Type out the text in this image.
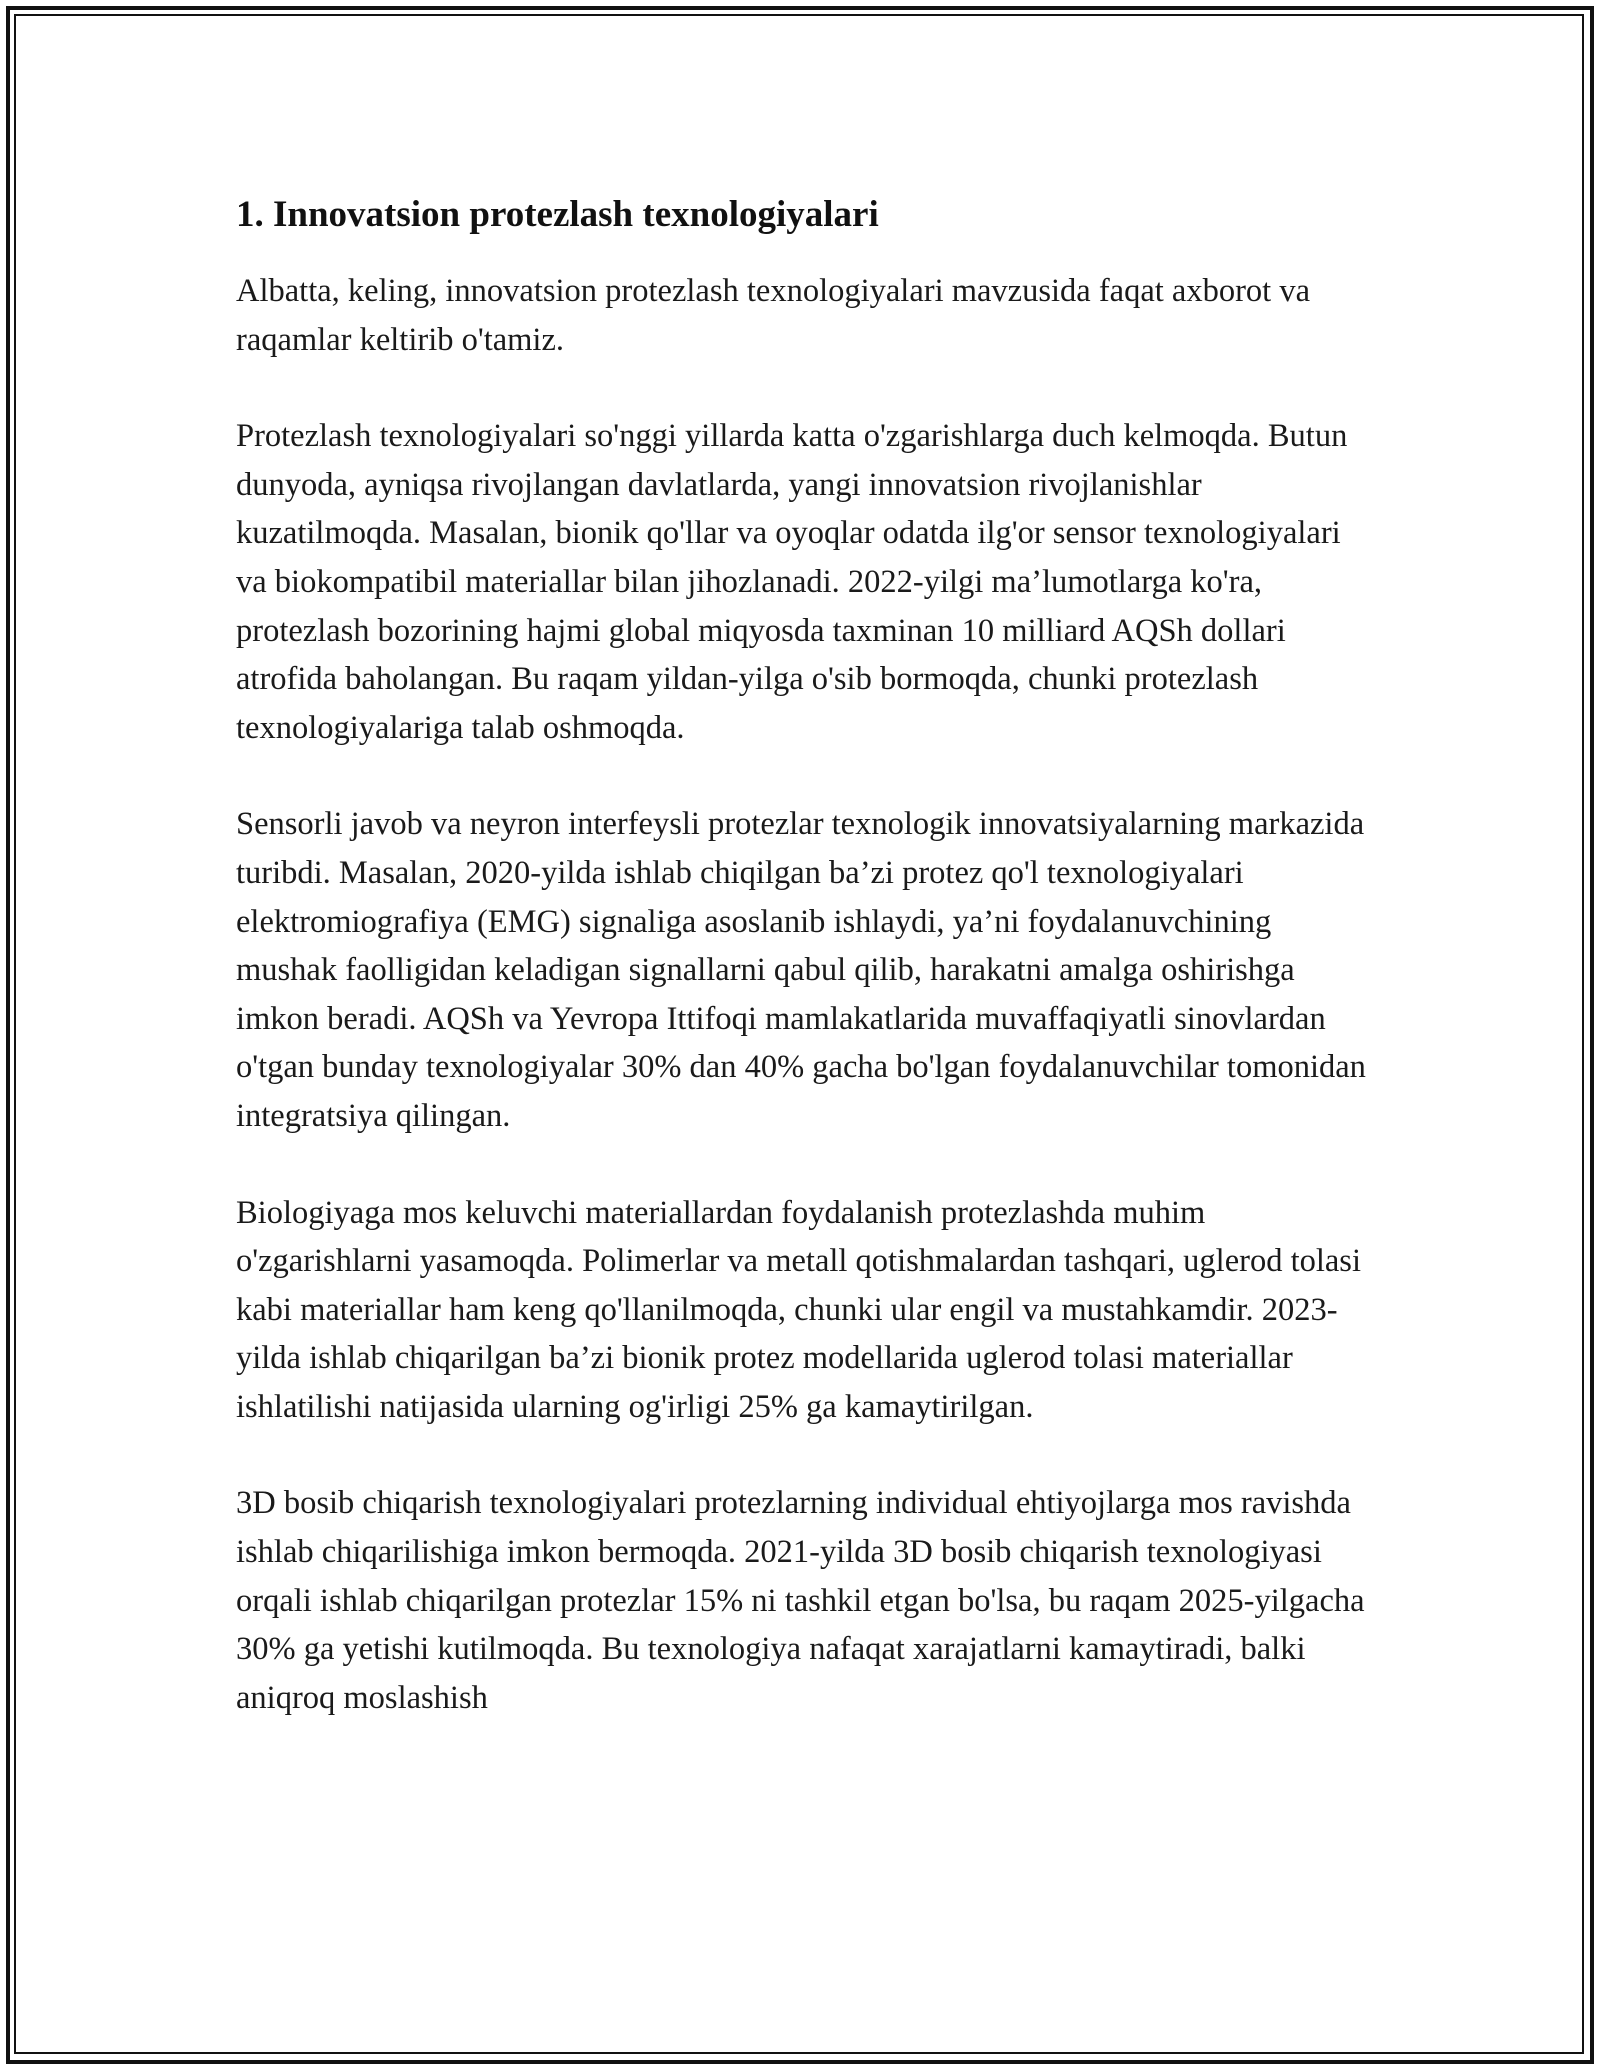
1. Innovatsion protezlash texnologiyalari

Albatta, keling, innovatsion protezlash texnologiyalari mavzusida faqat axborot va raqamlar keltirib o'tamiz.

Protezlash texnologiyalari so'nggi yillarda katta o'zgarishlarga duch kelmoqda. Butun dunyoda, ayniqsa rivojlangan davlatlarda, yangi innovatsion rivojlanishlar kuzatilmoqda. Masalan, bionik qo'llar va oyoqlar odatda ilg'or sensor texnologiyalari va biokompatibil materiallar bilan jihozlanadi. 2022-yilgi ma’lumotlarga ko'ra, protezlash bozorining hajmi global miqyosda taxminan 10 milliard AQSh dollari atrofida baholangan. Bu raqam yildan-yilga o'sib bormoqda, chunki protezlash texnologiyalariga talab oshmoqda.

Sensorli javob va neyron interfeysli protezlar texnologik innovatsiyalarning markazida turibdi. Masalan, 2020-yilda ishlab chiqilgan ba’zi protez qo'l texnologiyalari elektromiografiya (EMG) signaliga asoslanib ishlaydi, ya’ni foydalanuvchining mushak faolligidan keladigan signallarni qabul qilib, harakatni amalga oshirishga imkon beradi. AQSh va Yevropa Ittifoqi mamlakatlarida muvaffaqiyatli sinovlardan o'tgan bunday texnologiyalar 30% dan 40% gacha bo'lgan foydalanuvchilar tomonidan integratsiya qilingan.

Biologiyaga mos keluvchi materiallardan foydalanish protezlashda muhim o'zgarishlarni yasamoqda. Polimerlar va metall qotishmalardan tashqari, uglerod tolasi kabi materiallar ham keng qo'llanilmoqda, chunki ular engil va mustahkamdir. 2023-yilda ishlab chiqarilgan ba’zi bionik protez modellarida uglerod tolasi materiallar ishlatilishi natijasida ularning og'irligi 25% ga kamaytirilgan.

3D bosib chiqarish texnologiyalari protezlarning individual ehtiyojlarga mos ravishda ishlab chiqarilishiga imkon bermoqda. 2021-yilda 3D bosib chiqarish texnologiyasi orqali ishlab chiqarilgan protezlar 15% ni tashkil etgan bo'lsa, bu raqam 2025-yilgacha 30% ga yetishi kutilmoqda. Bu texnologiya nafaqat xarajatlarni kamaytiradi, balki aniqroq moslashish
